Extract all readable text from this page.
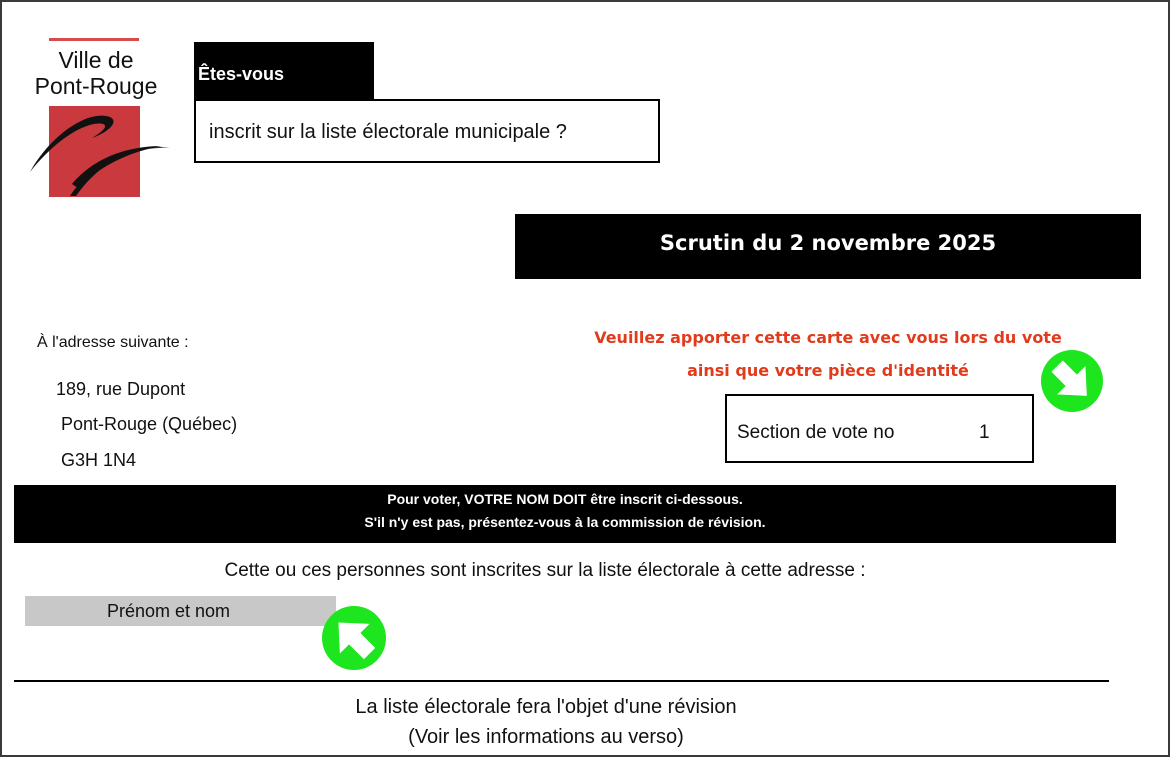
Ville de
Pont-Rouge	Êtes-vous
inscrit sur la liste électorale municipale ?
Scrutin du 2 novembre 2025
À l'adresse suivante :
189, rue Dupont
Pont-Rouge (Québec)
G3H 1N4
Veuillez apporter cette carte avec vous lors du vote
ainsi que votre pièce d'identité
Section de vote no	1
Pour voter, VOTRE NOM DOIT être inscrit ci-dessous.
S'il n'y est pas, présentez-vous à la commission de révision.
Cette ou ces personnes sont inscrites sur la liste électorale à cette adresse :
Prénom et nom
La liste électorale fera l'objet d'une révision
(Voir les informations au verso)
